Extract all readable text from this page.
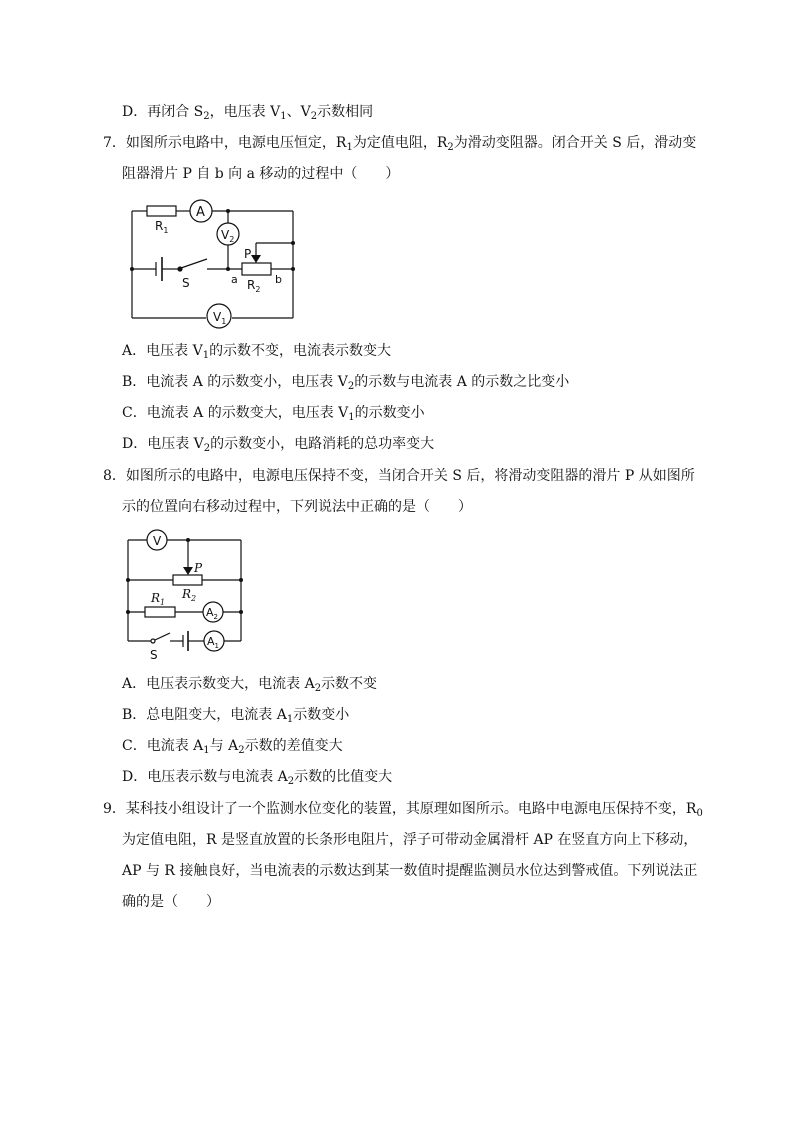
D．再闭合 $S_2$，电压表 $V_1$、$V_2$示数相同
7．如图所示电路中，电源电压恒定，$R_1$为定值电阻，$R_2$为滑动变阻器。闭合开关 S 后，滑动变
阻器滑片 P 自 b 向 a 移动的过程中（　　）
A
$V_2$
$V_1$
$R_1$
$R_2$
P
S	a	b
A．电压表 $V_1$的示数不变，电流表示数变大
B．电流表 A 的示数变小，电压表 $V_2$的示数与电流表 A 的示数之比变小
C．电流表 A 的示数变大，电压表 $V_1$的示数变小
D．电压表 $V_2$的示数变小，电路消耗的总功率变大
8．如图所示的电路中，电源电压保持不变，当闭合开关 S 后，将滑动变阻器的滑片 P 从如图所
示的位置向右移动过程中，下列说法中正确的是（　　）
V
P
$R_2$
$R_1$
$A_2$
$A_1$
S
A．电压表示数变大，电流表 $A_2$示数不变
B．总电阻变大，电流表 $A_1$示数变小
C．电流表 $A_1$与 $A_2$示数的差值变大
D．电压表示数与电流表 $A_2$示数的比值变大
9．某科技小组设计了一个监测水位变化的装置，其原理如图所示。电路中电源电压保持不变，$R_0$
为定值电阻，R 是竖直放置的长条形电阻片，浮子可带动金属滑杆 AP 在竖直方向上下移动，
AP 与 R 接触良好，当电流表的示数达到某一数值时提醒监测员水位达到警戒值。下列说法正
确的是（　　）
